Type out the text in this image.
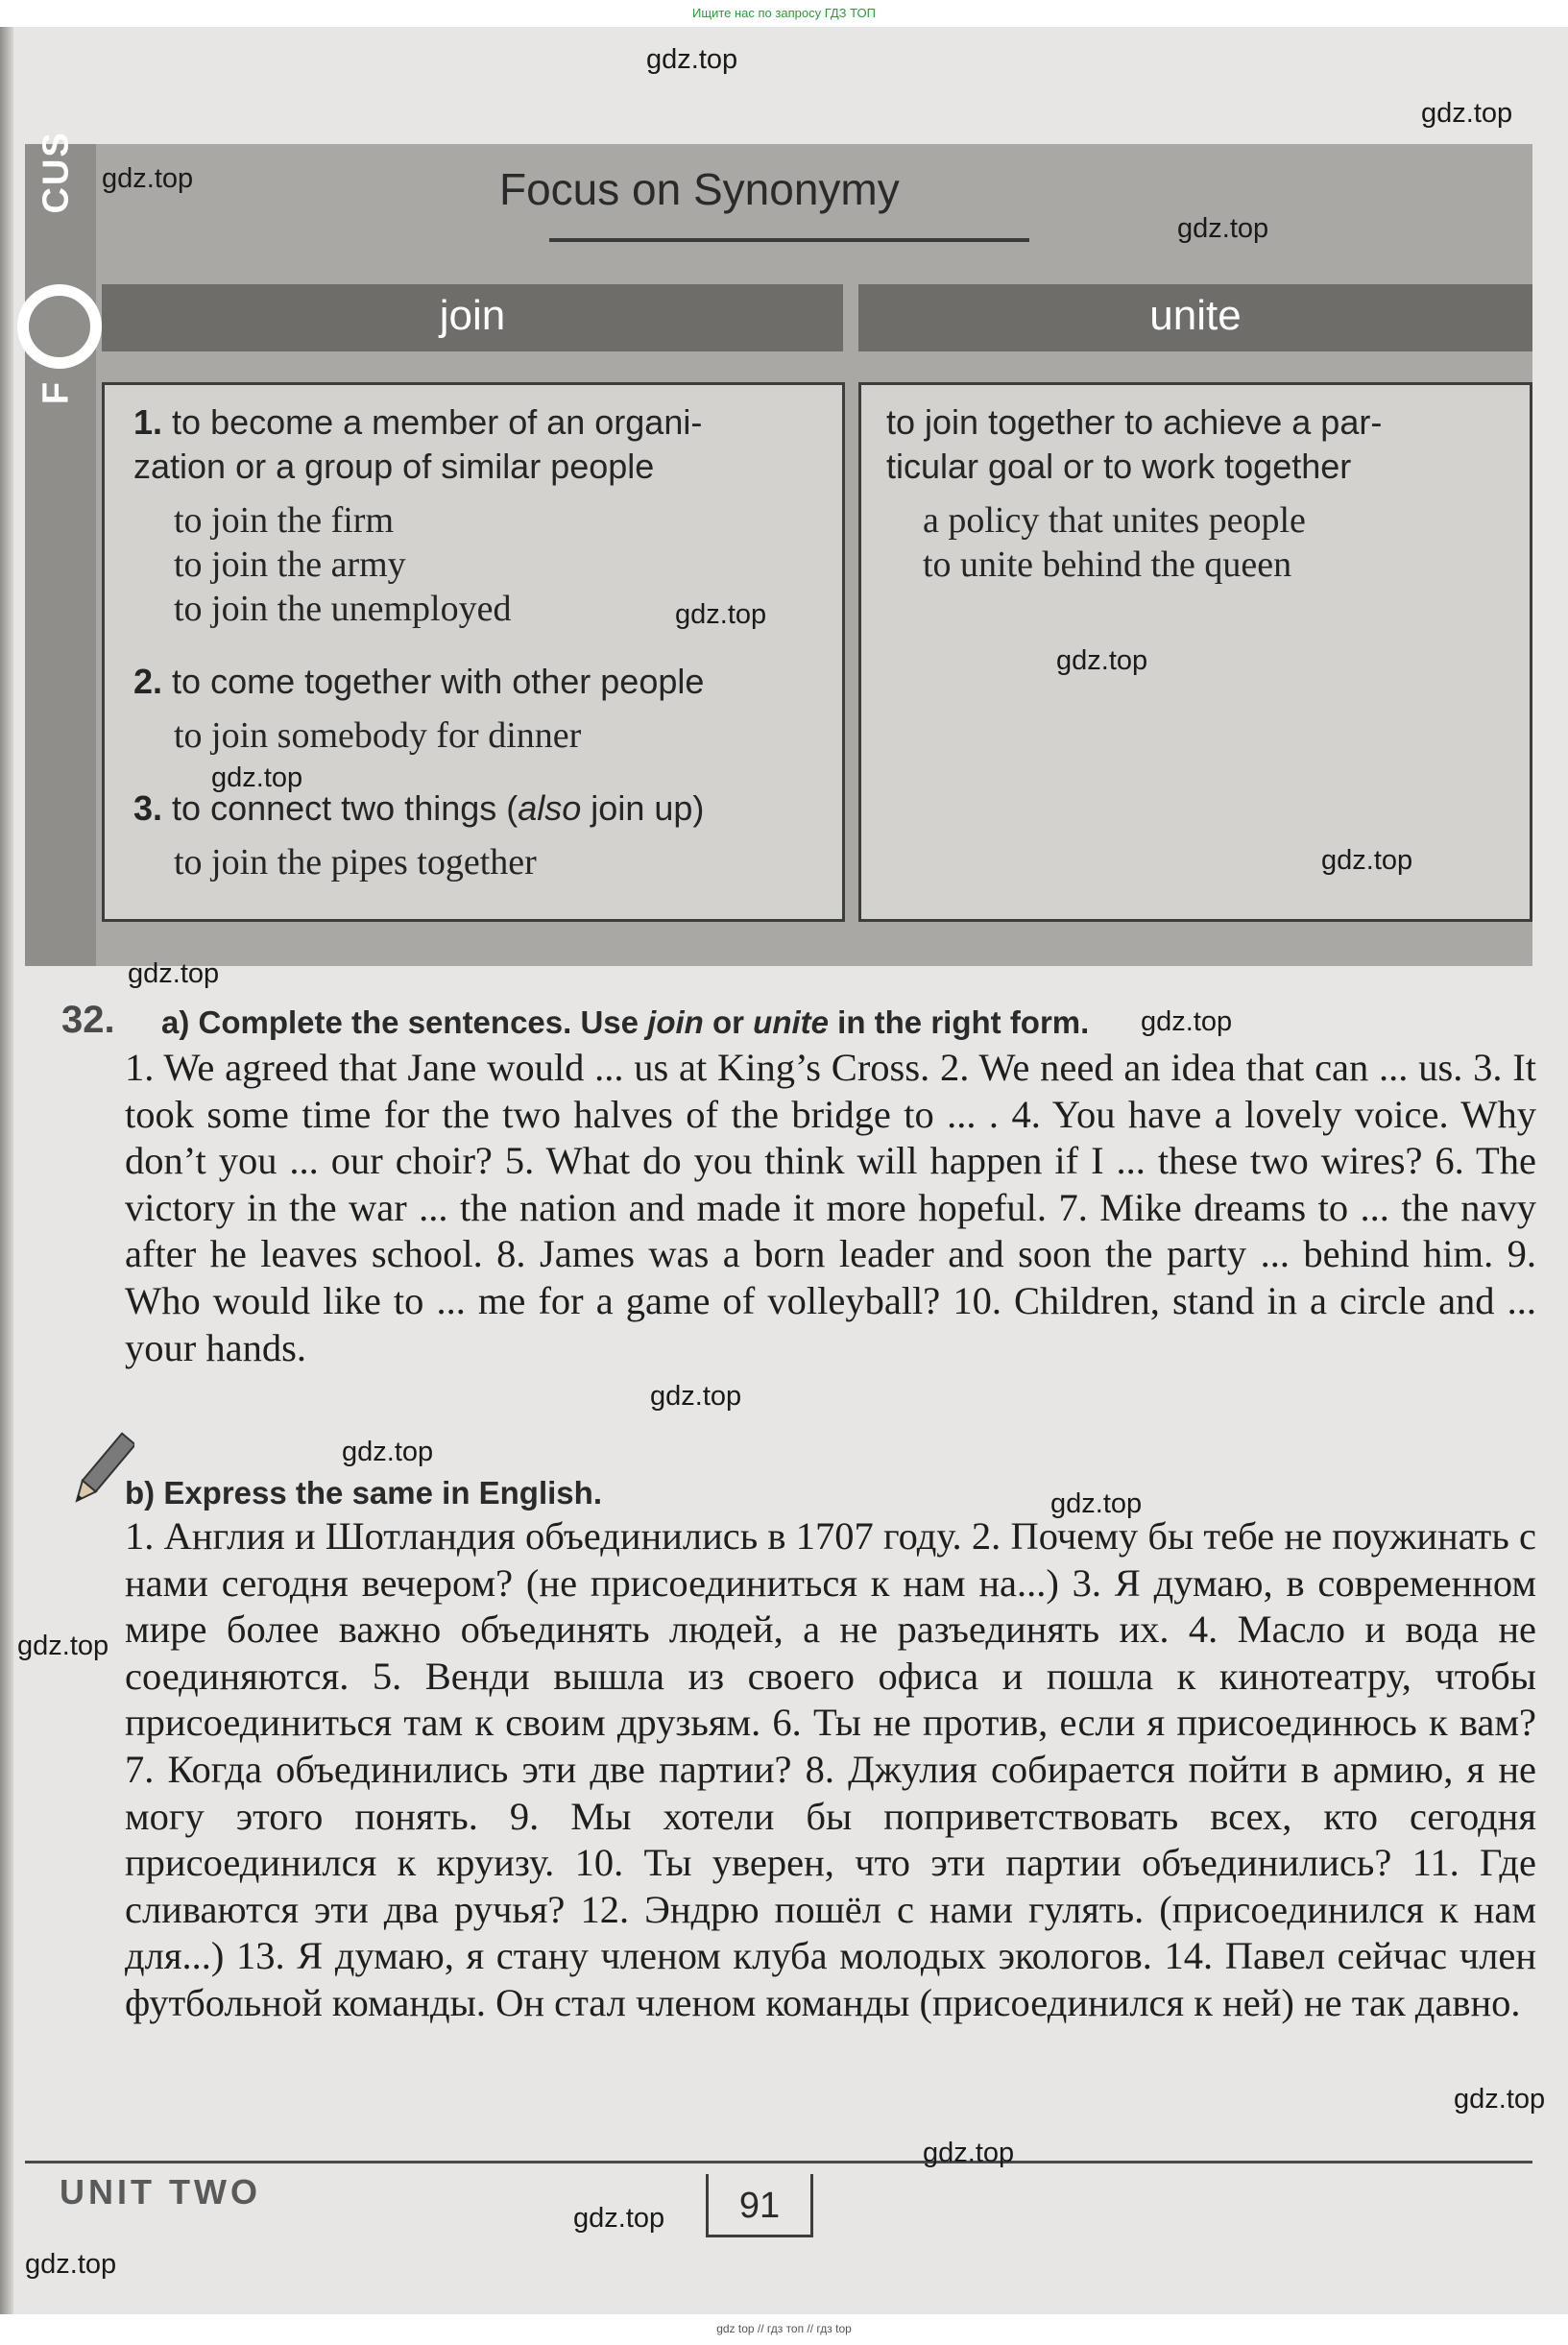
Ищите нас по запросу ГДЗ ТОП
CUS
F
Focus on Synonymy
join	unite
1. to become a member of an organi-
zation or a group of similar people
to join the firm
to join the army
to join the unemployed
2. to come together with other people
to join somebody for dinner
3. to connect two things (also join up)
to join the pipes together
to join together to achieve a par-
ticular goal or to work together
a policy that unites people
to unite behind the queen
32. a) Complete the sentences. Use join or unite in the right form.
1. We agreed that Jane would ... us at King’s Cross. 2. We need an idea that can ... us. 3. It took some time for the two halves of the bridge to ... . 4. You have a lovely voice. Why don’t you ... our choir? 5. What do you think will happen if I ... these two wires? 6. The victory in the war ... the nation and made it more hopeful. 7. Mike dreams to ... the navy after he leaves school. 8. James was a born leader and soon the party ... behind him. 9. Who would like to ... me for a game of volleyball? 10. Children, stand in a circle and ... your hands.
b) Express the same in English.
1. Англия и Шотландия объединились в 1707 году. 2. Почему бы тебе не поужинать с нами сегодня вечером? (не присоединиться к нам на...) 3. Я думаю, в современном мире более важно объединять людей, а не разъединять их. 4. Масло и вода не соединяются. 5. Венди вышла из своего офиса и пошла к кинотеатру, чтобы присоединиться там к своим друзьям. 6. Ты не против, если я присоединюсь к вам? 7. Когда объединились эти две партии? 8. Джулия собирается пойти в армию, я не могу этого понять. 9. Мы хотели бы поприветствовать всех, кто сегодня присоединился к круизу. 10. Ты уверен, что эти партии объединились? 11. Где сливаются эти два ручья? 12. Эндрю пошёл с нами гулять. (присоединился к нам для...) 13. Я думаю, я стану членом клуба молодых экологов. 14. Павел сейчас член футбольной команды. Он стал членом команды (присоединился к ней) не так давно.
UNIT TWO	91
gdz.top
gdz.top
gdz.top
gdz.top
gdz.top
gdz.top
gdz.top
gdz.top
gdz.top
gdz.top
gdz.top
gdz.top
gdz.top
gdz.top
gdz.top
gdz.top
gdz.top
gdz.top
gdz top // гдз топ // гдз top
